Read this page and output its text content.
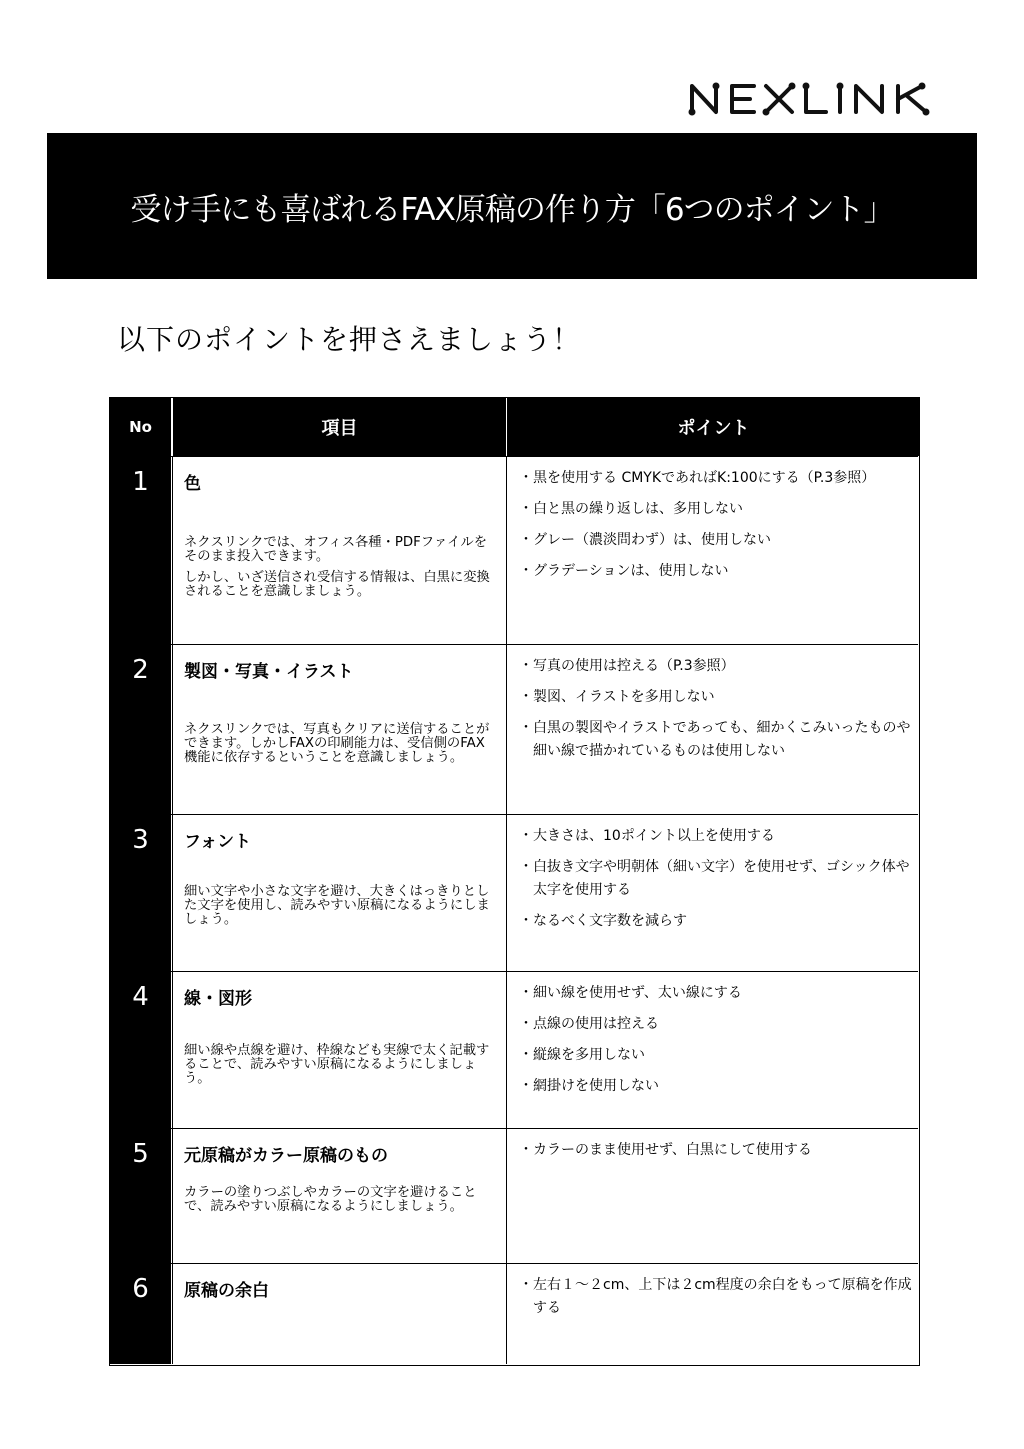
受け手にも喜ばれるFAX原稿の作り方「6つのポイント」
以下のポイントを押さえましょう！
No	項目	ポイント
1	色
ネクスリンクでは、オフィス各種・PDFファイルをそのまま投入できます。
しかし、いざ送信され受信する情報は、白黒に変換されることを意識しましょう。
・ 黒を使用する CMYKであればK:100にする（P.3参照）
・ 白と黒の繰り返しは、多用しない
・ グレー（濃淡問わず）は、使用しない
・ グラデーションは、使用しない
2	製図・写真・イラスト
ネクスリンクでは、写真もクリアに送信することができます。しかしFAXの印刷能力は、受信側のFAX機能に依存するということを意識しましょう。
・ 写真の使用は控える（P.3参照）
・ 製図、イラストを多用しない
・ 白黒の製図やイラストであっても、細かくこみいったものや細い線で描かれているものは使用しない
3	フォント
細い文字や小さな文字を避け、大きくはっきりとした文字を使用し、読みやすい原稿になるようにしましょう。
・ 大きさは、10ポイント以上を使用する
・ 白抜き文字や明朝体（細い文字）を使用せず、ゴシック体や太字を使用する
・ なるべく文字数を減らす
4	線・図形
細い線や点線を避け、枠線なども実線で太く記載することで、読みやすい原稿になるようにしましょう。
・ 細い線を使用せず、太い線にする
・ 点線の使用は控える
・ 縦線を多用しない
・ 網掛けを使用しない
5	元原稿がカラー原稿のもの
カラーの塗りつぶしやカラーの文字を避けることで、読みやすい原稿になるようにしましょう。
・ カラーのまま使用せず、白黒にして使用する
6	原稿の余白
・	左右１～２cm、上下は２cm程度の余白をもって原稿を作成する
